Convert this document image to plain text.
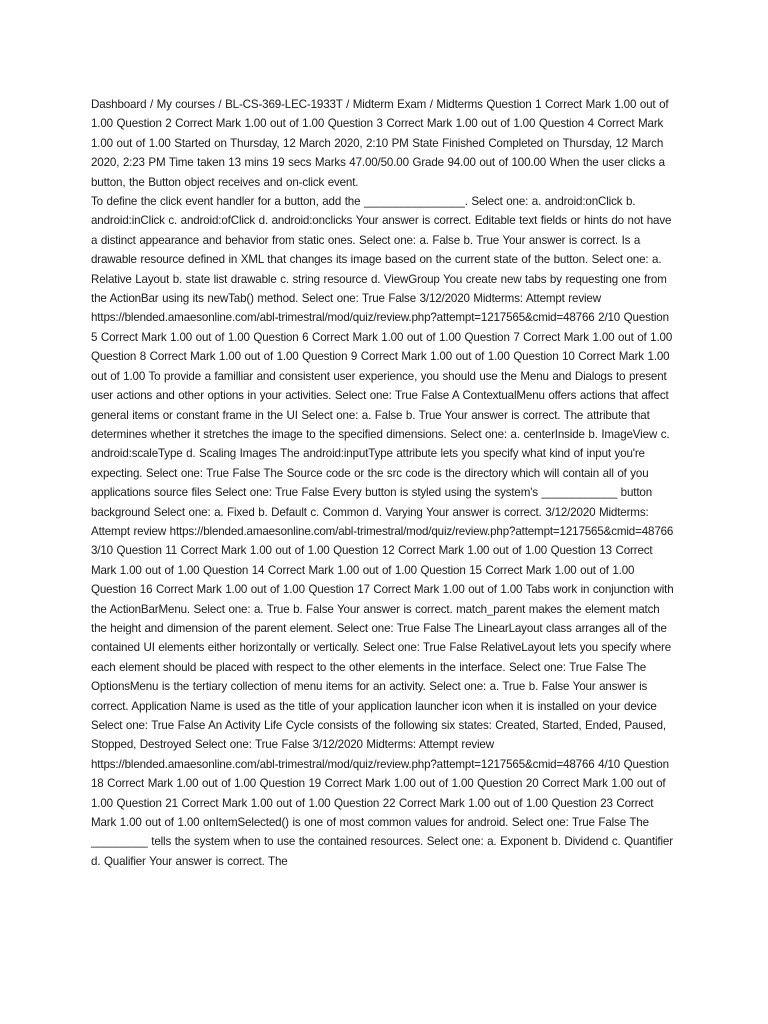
Dashboard / My courses / BL-CS-369-LEC-1933T / Midterm Exam / Midterms Question 1 Correct Mark 1.00 out of 1.00 Question 2 Correct Mark 1.00 out of 1.00 Question 3 Correct Mark 1.00 out of 1.00 Question 4 Correct Mark 1.00 out of 1.00 Started on Thursday, 12 March 2020, 2:10 PM State Finished Completed on Thursday, 12 March 2020, 2:23 PM Time taken 13 mins 19 secs Marks 47.00/50.00 Grade 94.00 out of 100.00 When the user clicks a button, the Button object receives and on-click event.

To define the click event handler for a button, add the ________________. Select one: a. android:onClick b. android:inClick c. android:ofClick d. android:onclicks Your answer is correct. Editable text fields or hints do not have a distinct appearance and behavior from static ones. Select one: a. False b. True Your answer is correct. Is a drawable resource defined in XML that changes its image based on the current state of the button. Select one: a. Relative Layout b. state list drawable c. string resource d. ViewGroup You create new tabs by requesting one from the ActionBar using its newTab() method. Select one: True False 3/12/2020 Midterms: Attempt review https://blended.amaesonline.com/abl-trimestral/mod/quiz/review.php?attempt=1217565&cmid=48766 2/10 Question 5 Correct Mark 1.00 out of 1.00 Question 6 Correct Mark 1.00 out of 1.00 Question 7 Correct Mark 1.00 out of 1.00 Question 8 Correct Mark 1.00 out of 1.00 Question 9 Correct Mark 1.00 out of 1.00 Question 10 Correct Mark 1.00 out of 1.00 To provide a familliar and consistent user experience, you should use the Menu and Dialogs to present user actions and other options in your activities. Select one: True False A ContextualMenu offers actions that affect general items or constant frame in the UI Select one: a. False b. True Your answer is correct. The attribute that determines whether it stretches the image to the specified dimensions. Select one: a. centerInside b. ImageView c. android:scaleType d. Scaling Images The android:inputType attribute lets you specify what kind of input you're expecting. Select one: True False The Source code or the src code is the directory which will contain all of you applications source files Select one: True False Every button is styled using the system's ____________ button background Select one: a. Fixed b. Default c. Common d. Varying Your answer is correct. 3/12/2020 Midterms: Attempt review https://blended.amaesonline.com/abl-trimestral/mod/quiz/review.php?attempt=1217565&cmid=48766 3/10 Question 11 Correct Mark 1.00 out of 1.00 Question 12 Correct Mark 1.00 out of 1.00 Question 13 Correct Mark 1.00 out of 1.00 Question 14 Correct Mark 1.00 out of 1.00 Question 15 Correct Mark 1.00 out of 1.00 Question 16 Correct Mark 1.00 out of 1.00 Question 17 Correct Mark 1.00 out of 1.00 Tabs work in conjunction with the ActionBarMenu. Select one: a. True b. False Your answer is correct. match_parent makes the element match the height and dimension of the parent element. Select one: True False The LinearLayout class arranges all of the contained UI elements either horizontally or vertically. Select one: True False RelativeLayout lets you specify where each element should be placed with respect to the other elements in the interface. Select one: True False The OptionsMenu is the tertiary collection of menu items for an activity. Select one: a. True b. False Your answer is correct. Application Name is used as the title of your application launcher icon when it is installed on your device Select one: True False An Activity Life Cycle consists of the following six states: Created, Started, Ended, Paused, Stopped, Destroyed Select one: True False 3/12/2020 Midterms: Attempt review https://blended.amaesonline.com/abl-trimestral/mod/quiz/review.php?attempt=1217565&cmid=48766 4/10 Question 18 Correct Mark 1.00 out of 1.00 Question 19 Correct Mark 1.00 out of 1.00 Question 20 Correct Mark 1.00 out of 1.00 Question 21 Correct Mark 1.00 out of 1.00 Question 22 Correct Mark 1.00 out of 1.00 Question 23 Correct Mark 1.00 out of 1.00 onItemSelected() is one of most common values for android. Select one: True False The _________ tells the system when to use the contained resources. Select one: a. Exponent b. Dividend c. Quantifier d. Qualifier Your answer is correct. The
